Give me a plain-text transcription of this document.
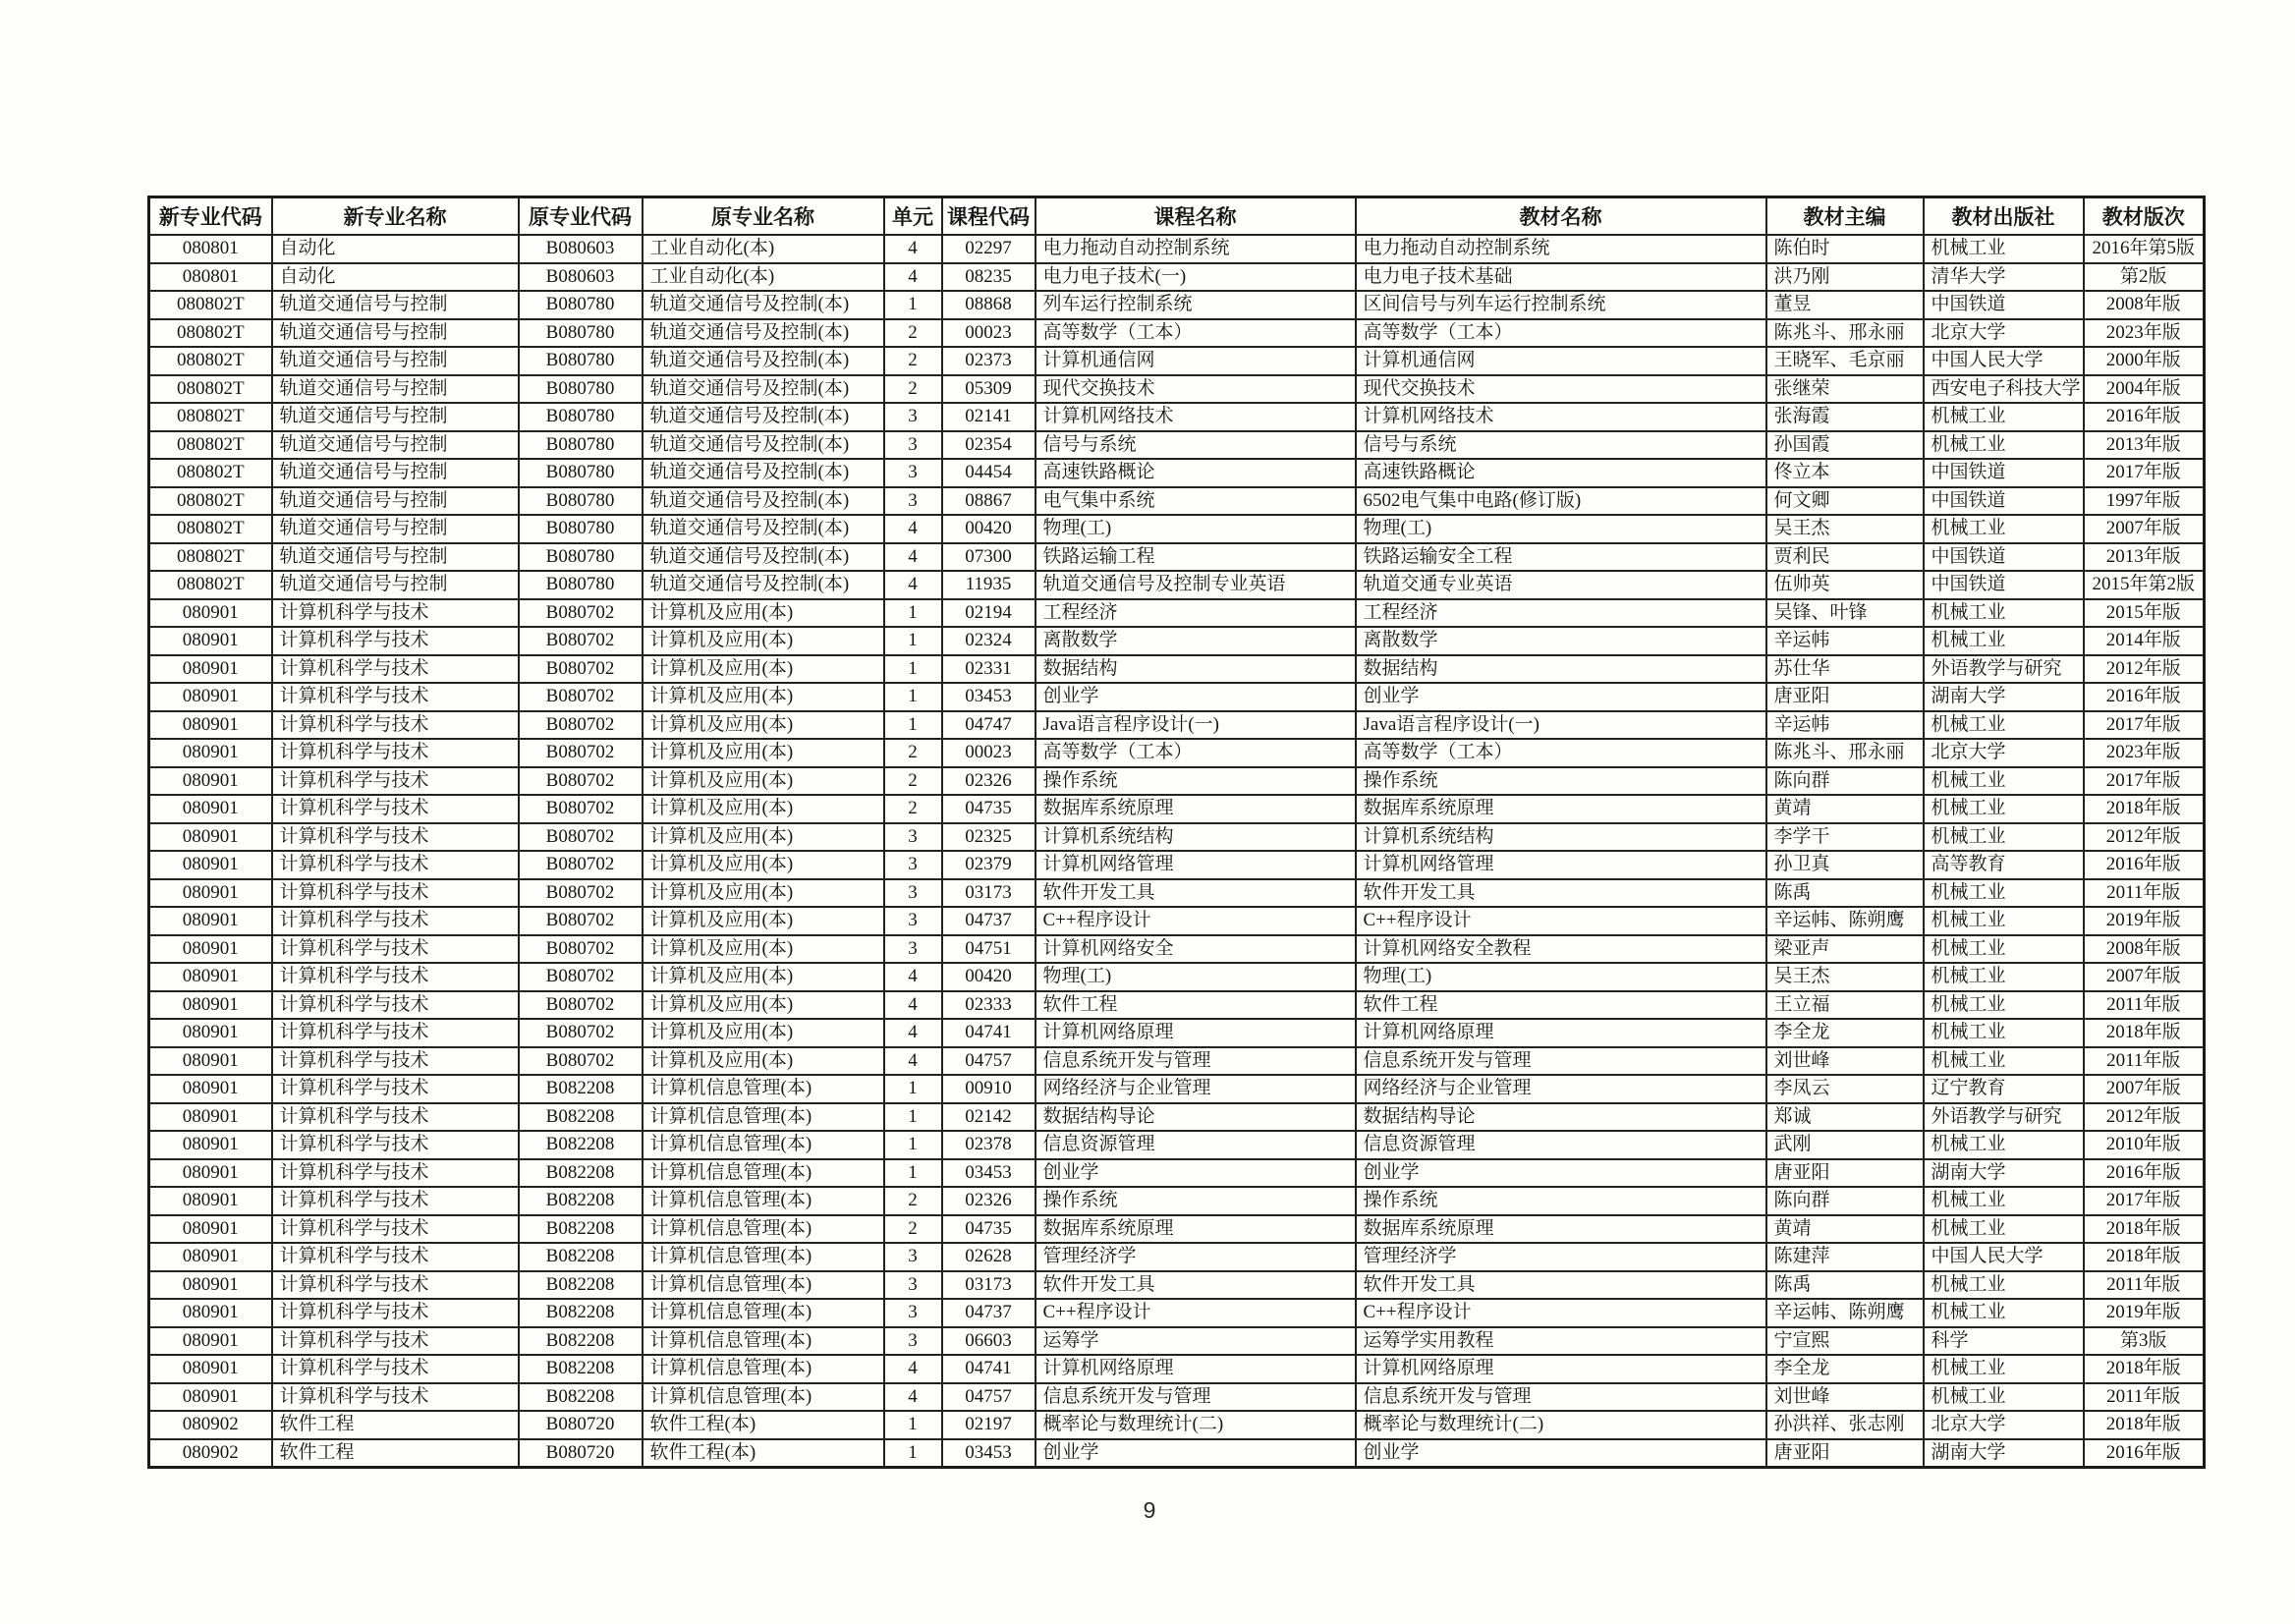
新专业代码	新专业名称	原专业代码	原专业名称	单元	课程代码	课程名称	教材名称	教材主编	教材出版社	教材版次
080801	自动化	B080603	工业自动化(本)	4	02297	电力拖动自动控制系统	电力拖动自动控制系统	陈伯时	机械工业	2016年第5版
080801	自动化	B080603	工业自动化(本)	4	08235	电力电子技术(一)	电力电子技术基础	洪乃刚	清华大学	第2版
080802T	轨道交通信号与控制	B080780	轨道交通信号及控制(本)	1	08868	列车运行控制系统	区间信号与列车运行控制系统	董昱	中国铁道	2008年版
080802T	轨道交通信号与控制	B080780	轨道交通信号及控制(本)	2	00023	高等数学（工本）	高等数学（工本）	陈兆斗、邢永丽	北京大学	2023年版
080802T	轨道交通信号与控制	B080780	轨道交通信号及控制(本)	2	02373	计算机通信网	计算机通信网	王晓军、毛京丽	中国人民大学	2000年版
080802T	轨道交通信号与控制	B080780	轨道交通信号及控制(本)	2	05309	现代交换技术	现代交换技术	张继荣	西安电子科技大学	2004年版
080802T	轨道交通信号与控制	B080780	轨道交通信号及控制(本)	3	02141	计算机网络技术	计算机网络技术	张海霞	机械工业	2016年版
080802T	轨道交通信号与控制	B080780	轨道交通信号及控制(本)	3	02354	信号与系统	信号与系统	孙国霞	机械工业	2013年版
080802T	轨道交通信号与控制	B080780	轨道交通信号及控制(本)	3	04454	高速铁路概论	高速铁路概论	佟立本	中国铁道	2017年版
080802T	轨道交通信号与控制	B080780	轨道交通信号及控制(本)	3	08867	电气集中系统	6502电气集中电路(修订版)	何文卿	中国铁道	1997年版
080802T	轨道交通信号与控制	B080780	轨道交通信号及控制(本)	4	00420	物理(工)	物理(工)	吴王杰	机械工业	2007年版
080802T	轨道交通信号与控制	B080780	轨道交通信号及控制(本)	4	07300	铁路运输工程	铁路运输安全工程	贾利民	中国铁道	2013年版
080802T	轨道交通信号与控制	B080780	轨道交通信号及控制(本)	4	11935	轨道交通信号及控制专业英语	轨道交通专业英语	伍帅英	中国铁道	2015年第2版
080901	计算机科学与技术	B080702	计算机及应用(本)	1	02194	工程经济	工程经济	吴锋、叶锋	机械工业	2015年版
080901	计算机科学与技术	B080702	计算机及应用(本)	1	02324	离散数学	离散数学	辛运帏	机械工业	2014年版
080901	计算机科学与技术	B080702	计算机及应用(本)	1	02331	数据结构	数据结构	苏仕华	外语教学与研究	2012年版
080901	计算机科学与技术	B080702	计算机及应用(本)	1	03453	创业学	创业学	唐亚阳	湖南大学	2016年版
080901	计算机科学与技术	B080702	计算机及应用(本)	1	04747	Java语言程序设计(一)	Java语言程序设计(一)	辛运帏	机械工业	2017年版
080901	计算机科学与技术	B080702	计算机及应用(本)	2	00023	高等数学（工本）	高等数学（工本）	陈兆斗、邢永丽	北京大学	2023年版
080901	计算机科学与技术	B080702	计算机及应用(本)	2	02326	操作系统	操作系统	陈向群	机械工业	2017年版
080901	计算机科学与技术	B080702	计算机及应用(本)	2	04735	数据库系统原理	数据库系统原理	黄靖	机械工业	2018年版
080901	计算机科学与技术	B080702	计算机及应用(本)	3	02325	计算机系统结构	计算机系统结构	李学干	机械工业	2012年版
080901	计算机科学与技术	B080702	计算机及应用(本)	3	02379	计算机网络管理	计算机网络管理	孙卫真	高等教育	2016年版
080901	计算机科学与技术	B080702	计算机及应用(本)	3	03173	软件开发工具	软件开发工具	陈禹	机械工业	2011年版
080901	计算机科学与技术	B080702	计算机及应用(本)	3	04737	C++程序设计	C++程序设计	辛运帏、陈朔鹰	机械工业	2019年版
080901	计算机科学与技术	B080702	计算机及应用(本)	3	04751	计算机网络安全	计算机网络安全教程	梁亚声	机械工业	2008年版
080901	计算机科学与技术	B080702	计算机及应用(本)	4	00420	物理(工)	物理(工)	吴王杰	机械工业	2007年版
080901	计算机科学与技术	B080702	计算机及应用(本)	4	02333	软件工程	软件工程	王立福	机械工业	2011年版
080901	计算机科学与技术	B080702	计算机及应用(本)	4	04741	计算机网络原理	计算机网络原理	李全龙	机械工业	2018年版
080901	计算机科学与技术	B080702	计算机及应用(本)	4	04757	信息系统开发与管理	信息系统开发与管理	刘世峰	机械工业	2011年版
080901	计算机科学与技术	B082208	计算机信息管理(本)	1	00910	网络经济与企业管理	网络经济与企业管理	李凤云	辽宁教育	2007年版
080901	计算机科学与技术	B082208	计算机信息管理(本)	1	02142	数据结构导论	数据结构导论	郑诚	外语教学与研究	2012年版
080901	计算机科学与技术	B082208	计算机信息管理(本)	1	02378	信息资源管理	信息资源管理	武刚	机械工业	2010年版
080901	计算机科学与技术	B082208	计算机信息管理(本)	1	03453	创业学	创业学	唐亚阳	湖南大学	2016年版
080901	计算机科学与技术	B082208	计算机信息管理(本)	2	02326	操作系统	操作系统	陈向群	机械工业	2017年版
080901	计算机科学与技术	B082208	计算机信息管理(本)	2	04735	数据库系统原理	数据库系统原理	黄靖	机械工业	2018年版
080901	计算机科学与技术	B082208	计算机信息管理(本)	3	02628	管理经济学	管理经济学	陈建萍	中国人民大学	2018年版
080901	计算机科学与技术	B082208	计算机信息管理(本)	3	03173	软件开发工具	软件开发工具	陈禹	机械工业	2011年版
080901	计算机科学与技术	B082208	计算机信息管理(本)	3	04737	C++程序设计	C++程序设计	辛运帏、陈朔鹰	机械工业	2019年版
080901	计算机科学与技术	B082208	计算机信息管理(本)	3	06603	运筹学	运筹学实用教程	宁宣熙	科学	第3版
080901	计算机科学与技术	B082208	计算机信息管理(本)	4	04741	计算机网络原理	计算机网络原理	李全龙	机械工业	2018年版
080901	计算机科学与技术	B082208	计算机信息管理(本)	4	04757	信息系统开发与管理	信息系统开发与管理	刘世峰	机械工业	2011年版
080902	软件工程	B080720	软件工程(本)	1	02197	概率论与数理统计(二)	概率论与数理统计(二)	孙洪祥、张志刚	北京大学	2018年版
080902	软件工程	B080720	软件工程(本)	1	03453	创业学	创业学	唐亚阳	湖南大学	2016年版
9
